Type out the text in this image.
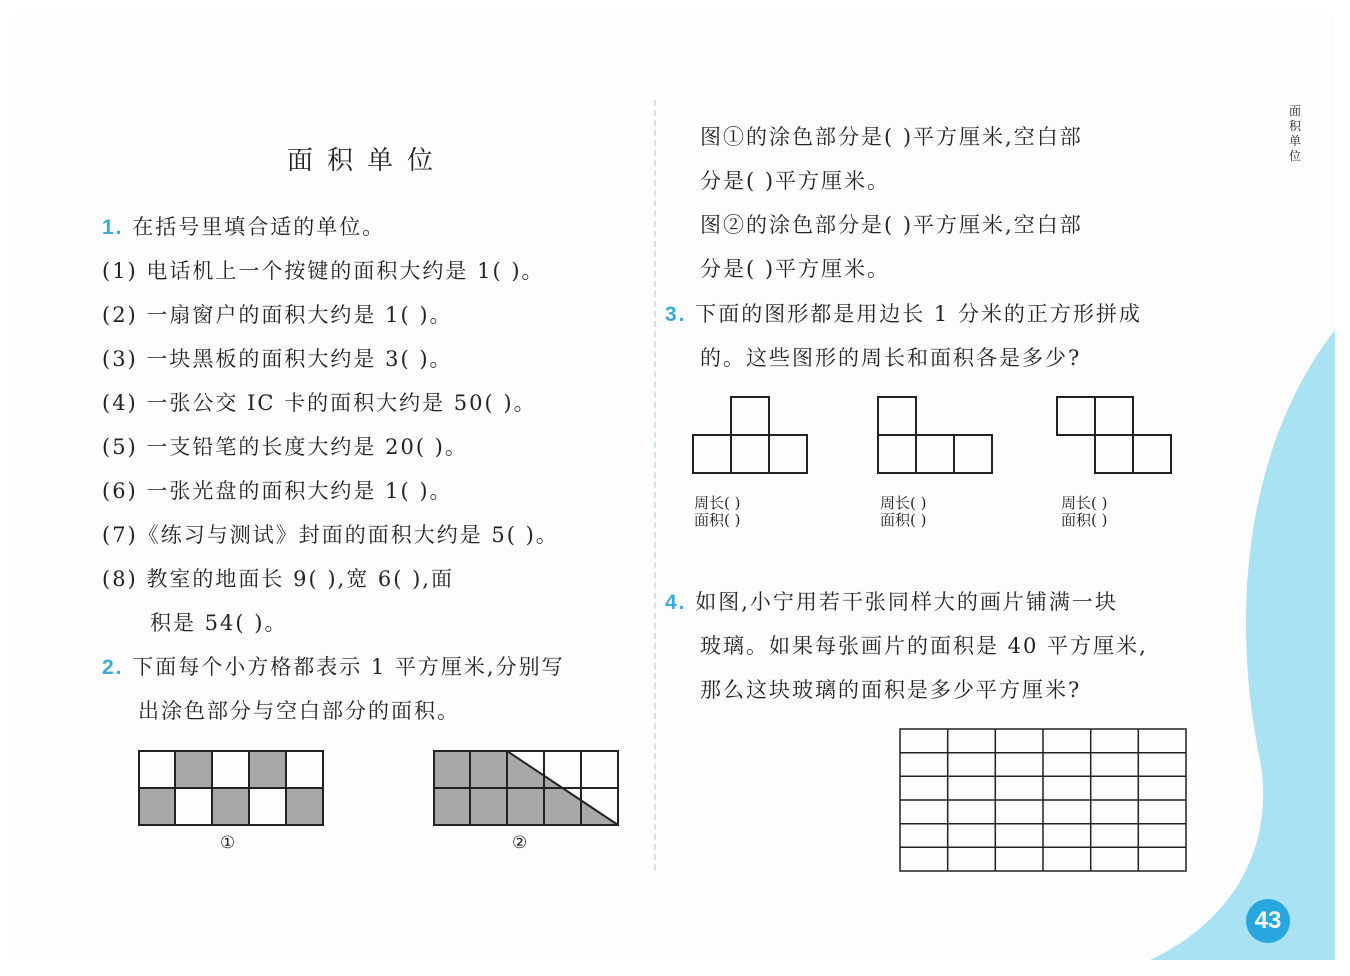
面积单位
面积单位
1. 在括号里填合适的单位。
(1) 电话机上一个按键的面积大约是 1( )。
(2) 一扇窗户的面积大约是 1( )。
(3) 一块黑板的面积大约是 3( )。
(4) 一张公交 IC 卡的面积大约是 50( )。
(5) 一支铅笔的长度大约是 20( )。
(6) 一张光盘的面积大约是 1( )。
(7)《练习与测试》封面的面积大约是 5( )。
(8) 教室的地面长 9( ),宽 6( ),面
积是 54( )。
2. 下面每个小方格都表示 1 平方厘米,分别写
出涂色部分与空白部分的面积。
①	②
图①的涂色部分是( )平方厘米,空白部
分是( )平方厘米。
图②的涂色部分是( )平方厘米,空白部
分是( )平方厘米。
3. 下面的图形都是用边长 1 分米的正方形拼成
的。这些图形的周长和面积各是多少?
周长( )
面积( )
周长( )
面积( )
周长( )
面积( )
4. 如图,小宁用若干张同样大的画片铺满一块
玻璃。如果每张画片的面积是 40 平方厘米,
那么这块玻璃的面积是多少平方厘米?
43
